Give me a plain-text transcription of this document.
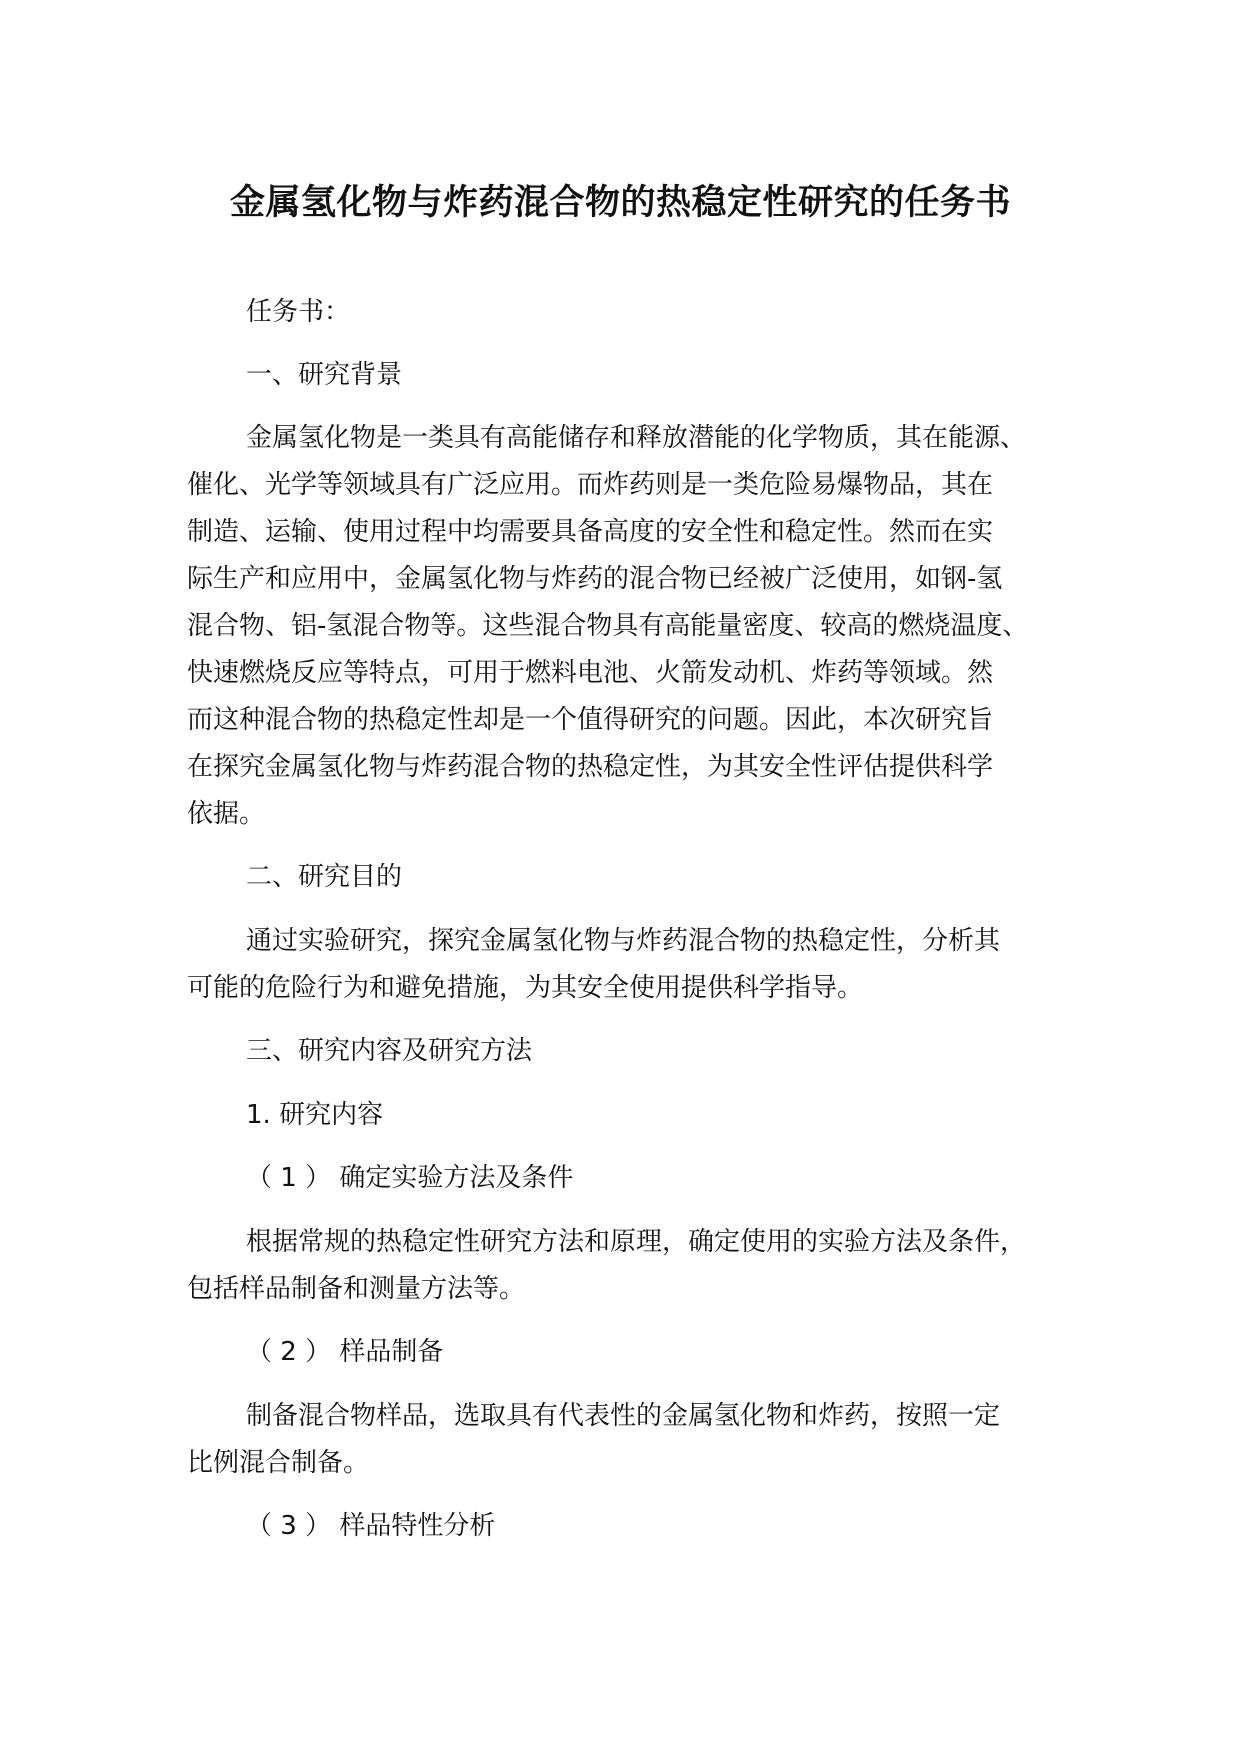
金属氢化物与炸药混合物的热稳定性研究的任务书
任务书：
一、研究背景
金属氢化物是一类具有高能储存和释放潜能的化学物质，其在能源、
催化、光学等领域具有广泛应用。而炸药则是一类危险易爆物品，其在
制造、运输、使用过程中均需要具备高度的安全性和稳定性。然而在实
际生产和应用中，金属氢化物与炸药的混合物已经被广泛使用，如钢-氢
混合物、铝-氢混合物等。这些混合物具有高能量密度、较高的燃烧温度、
快速燃烧反应等特点，可用于燃料电池、火箭发动机、炸药等领域。然
而这种混合物的热稳定性却是一个值得研究的问题。因此，本次研究旨
在探究金属氢化物与炸药混合物的热稳定性，为其安全性评估提供科学
依据。
二、研究目的
通过实验研究，探究金属氢化物与炸药混合物的热稳定性，分析其
可能的危险行为和避免措施，为其安全使用提供科学指导。
三、研究内容及研究方法
1. 研究内容
（ 1 ） 确定实验方法及条件
根据常规的热稳定性研究方法和原理，确定使用的实验方法及条件，
包括样品制备和测量方法等。
（ 2 ） 样品制备
制备混合物样品，选取具有代表性的金属氢化物和炸药，按照一定
比例混合制备。
（ 3 ） 样品特性分析
